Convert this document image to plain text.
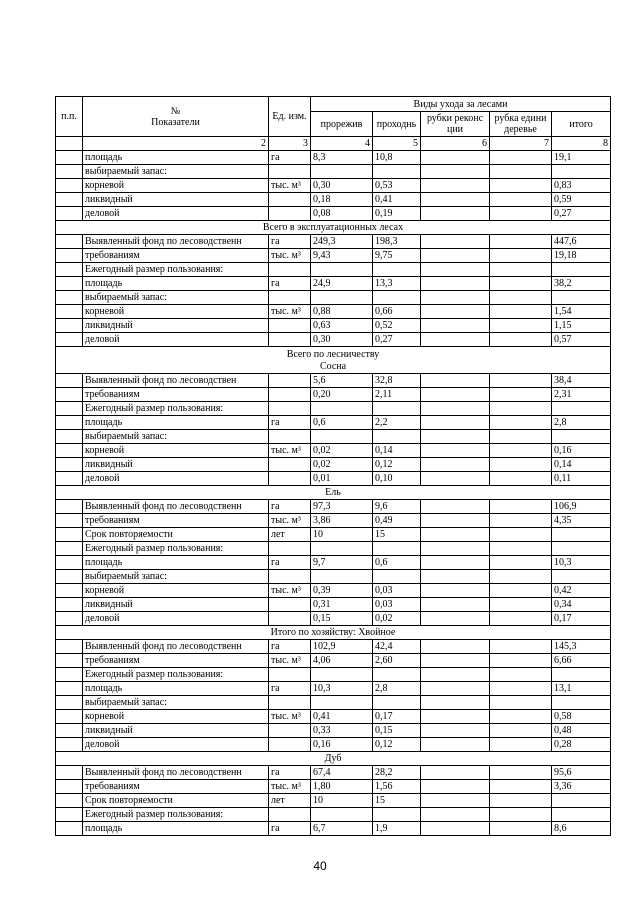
п.п.	№
Показатели	Ед. изм.	Виды ухода за лесами				
			прорежив	проходнь	рубки реконс ции	рубка едини деревье	итого
	2	3	4	5	6	7	8
	площадь	га	8,3	10,8			19,1
	выбираемый запас:						
	корневой	тыс. м³	0,30	0,53			0,83
	ликвидный		0,18	0,41			0,59
	деловой		0,08	0,19			0,27

Всего в эксплуатационных лесах							

	Выявленный фонд по лесоводственн	га	249,3	198,3			447,6
	требованиям	тыс. м³	9,43	9,75			19,18
	Ежегодный размер пользования:						
	площадь	га	24,9	13,3			38,2
	выбираемый запас:						
	корневой	тыс. м³	0,88	0,66			1,54
	ликвидный		0,63	0,52			1,15
	деловой		0,30	0,27			0,57

Всего по лесничеству
Сосна							

	Выявленный фонд по лесоводствен		5,6	32,8			38,4
	требованиям		0,20	2,11			2,31
	Ежегодный размер пользования:						
	площадь	га	0,6	2,2			2,8
	выбираемый запас:						
	корневой	тыс. м³	0,02	0,14			0,16
	ликвидный		0,02	0,12			0,14
	деловой		0,01	0,10			0,11

Ель							

	Выявленный фонд по лесоводственн	га	97,3	9,6			106,9
	требованиям	тыс. м³	3,86	0,49			4,35
	Срок повторяемости	лет	10	15			
	Ежегодный размер пользования:						
	площадь	га	9,7	0,6			10,3
	выбираемый запас:						
	корневой	тыс. м³	0,39	0,03			0,42
	ликвидный		0,31	0,03			0,34
	деловой		0,15	0,02			0,17

Итого по хозяйству: Хвойное							

	Выявленный фонд по лесоводственн	га	102,9	42,4			145,3
	требованиям	тыс. м³	4,06	2,60			6,66
	Ежегодный размер пользования:						
	площадь	га	10,3	2,8			13,1
	выбираемый запас:						
	корневой	тыс. м³	0,41	0,17			0,58
	ликвидный		0,33	0,15			0,48
	деловой		0,16	0,12			0,28

Дуб							

	Выявленный фонд по лесоводственн	га	67,4	28,2			95,6
	требованиям	тыс. м³	1,80	1,56			3,36
	Срок повторяемости	лет	10	15			
	Ежегодный размер пользования:						
	площадь	га	6,7	1,9			8,6
40
